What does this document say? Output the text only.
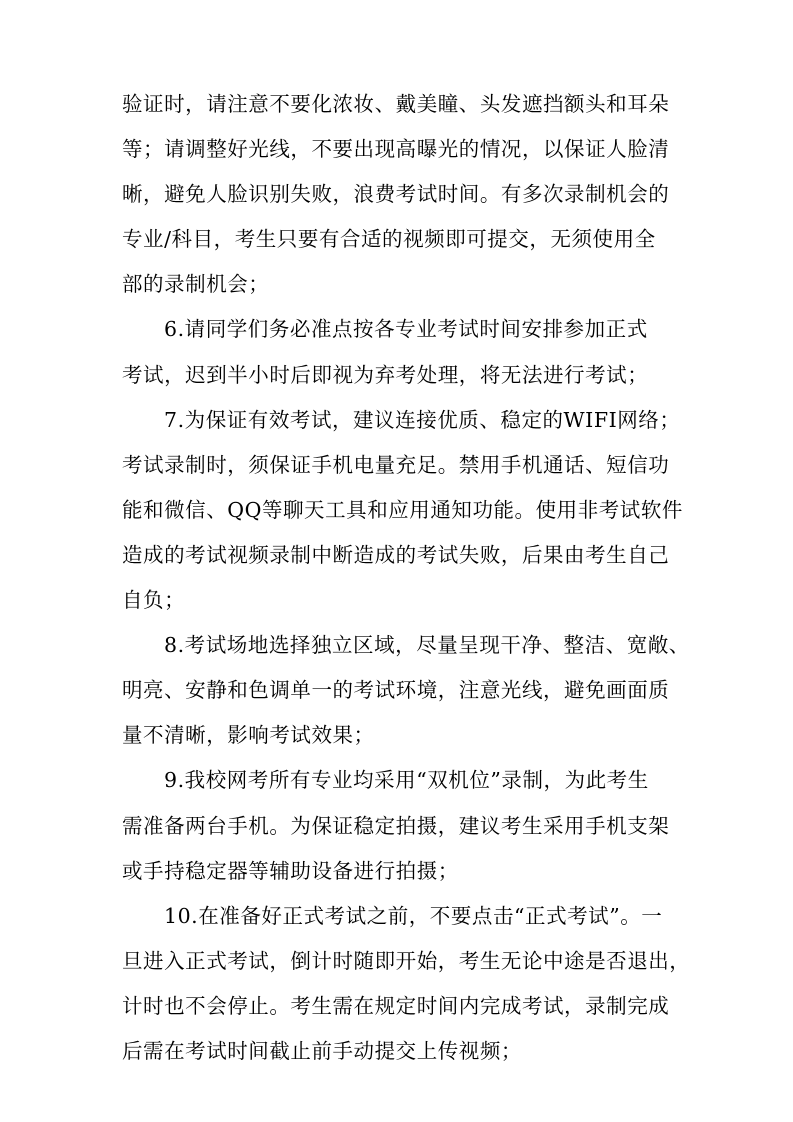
验证时，请注意不要化浓妆、戴美瞳、头发遮挡额头和耳朵
等；请调整好光线，不要出现高曝光的情况，以保证人脸清
晰，避免人脸识别失败，浪费考试时间。有多次录制机会的
专业/科目，考生只要有合适的视频即可提交，无须使用全
部的录制机会；
6.请同学们务必准点按各专业考试时间安排参加正式
考试，迟到半小时后即视为弃考处理，将无法进行考试；
7.为保证有效考试，建议连接优质、稳定的WIFI网络；
考试录制时，须保证手机电量充足。禁用手机通话、短信功
能和微信、QQ等聊天工具和应用通知功能。使用非考试软件
造成的考试视频录制中断造成的考试失败，后果由考生自己
自负；
8.考试场地选择独立区域，尽量呈现干净、整洁、宽敞、
明亮、安静和色调单一的考试环境，注意光线，避免画面质
量不清晰，影响考试效果；
9.我校网考所有专业均采用“双机位”录制，为此考生
需准备两台手机。为保证稳定拍摄，建议考生采用手机支架
或手持稳定器等辅助设备进行拍摄；
10.在准备好正式考试之前，不要点击“正式考试”。一
旦进入正式考试，倒计时随即开始，考生无论中途是否退出，
计时也不会停止。考生需在规定时间内完成考试，录制完成
后需在考试时间截止前手动提交上传视频；
